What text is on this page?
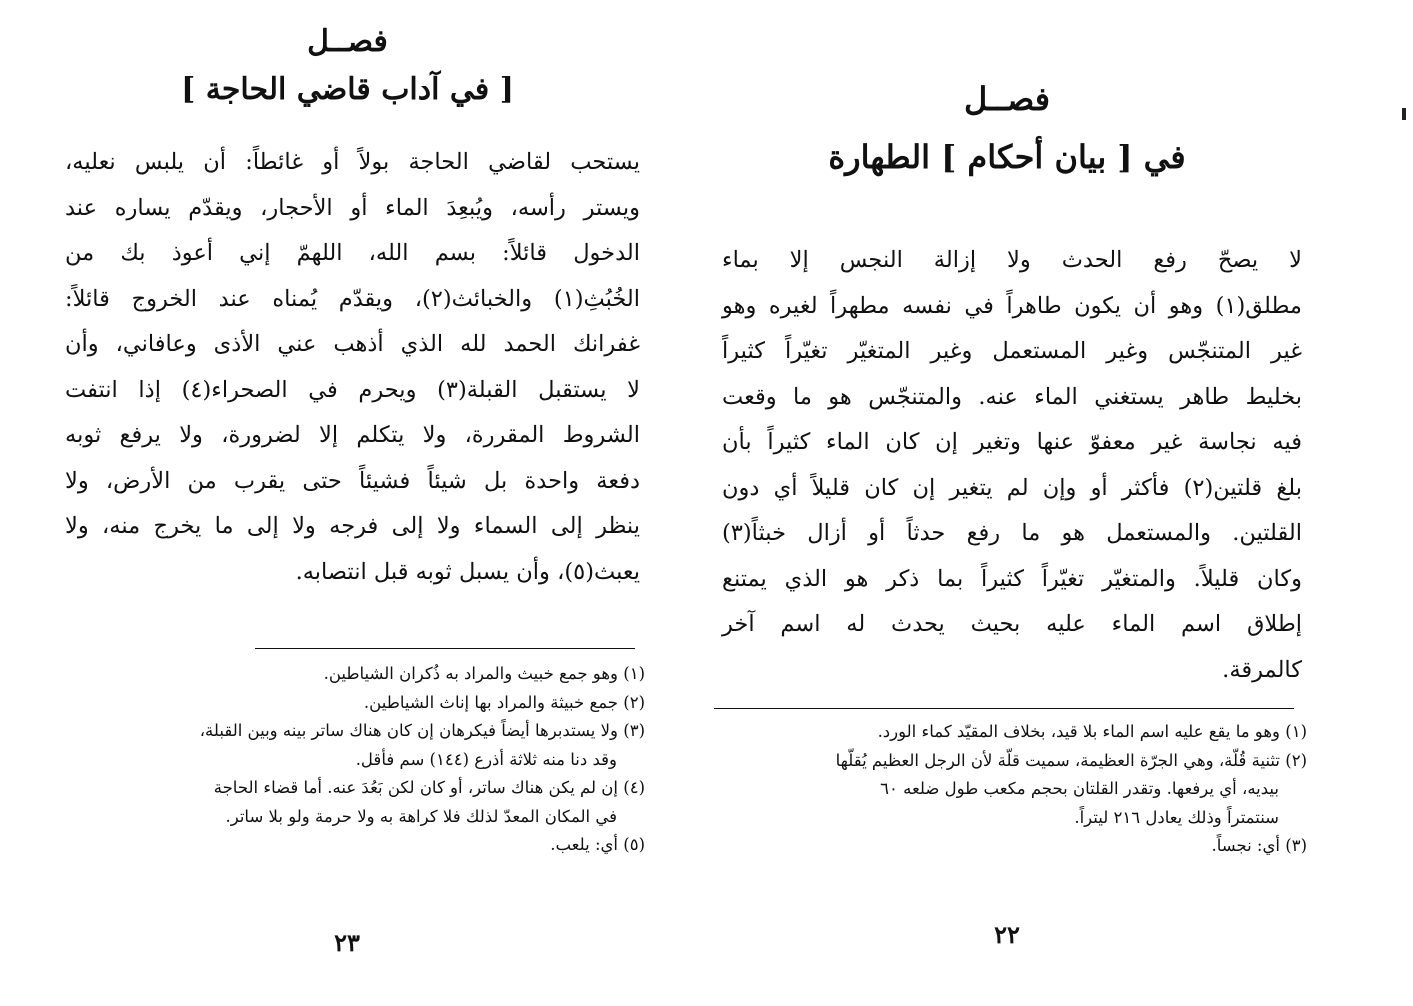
فصــل
[ في آداب قاضي الحاجة ]
يستحب لقاضي الحاجة بولاً أو غائطاً: أن يلبس نعليه،
ويستر رأسه، ويُبعِدَ الماء أو الأحجار، ويقدّم يساره عند
الدخول قائلاً: بسم الله، اللهمّ إني أعوذ بك من
الخُبُثِ(١) والخبائث(٢)، ويقدّم يُمناه عند الخروج قائلاً:
غفرانك الحمد لله الذي أذهب عني الأذى وعافاني، وأن
لا يستقبل القبلة(٣) ويحرم في الصحراء(٤) إذا انتفت
الشروط المقررة، ولا يتكلم إلا لضرورة، ولا يرفع ثوبه
دفعة واحدة بل شيئاً فشيئاً حتى يقرب من الأرض، ولا
ينظر إلى السماء ولا إلى فرجه ولا إلى ما يخرج منه، ولا
يعبث(٥)، وأن يسبل ثوبه قبل انتصابه.
(١) وهو جمع خبيث والمراد به ذُكران الشياطين.
(٢) جمع خبيثة والمراد بها إناث الشياطين.
(٣) ولا يستدبرها أيضاً فيكرهان إن كان هناك ساتر بينه وبين القبلة،
وقد دنا منه ثلاثة أذرع (١٤٤) سم فأقل.
(٤) إن لم يكن هناك ساتر، أو كان لكن بَعُدَ عنه. أما قضاء الحاجة
في المكان المعدّ لذلك فلا كراهة به ولا حرمة ولو بلا ساتر.
(٥) أي: يلعب.
٢٣
فصــل
في [ بيان أحكام ] الطهارة
لا يصحّ رفع الحدث ولا إزالة النجس إلا بماء
مطلق(١) وهو أن يكون طاهراً في نفسه مطهراً لغيره وهو
غير المتنجّس وغير المستعمل وغير المتغيّر تغيّراً كثيراً
بخليط طاهر يستغني الماء عنه. والمتنجّس هو ما وقعت
فيه نجاسة غير معفوّ عنها وتغير إن كان الماء كثيراً بأن
بلغ قلتين(٢) فأكثر أو وإن لم يتغير إن كان قليلاً أي دون
القلتين. والمستعمل هو ما رفع حدثاً أو أزال خبثاً(٣)
وكان قليلاً. والمتغيّر تغيّراً كثيراً بما ذكر هو الذي يمتنع
إطلاق اسم الماء عليه بحيث يحدث له اسم آخر
كالمرقة.
(١) وهو ما يقع عليه اسم الماء بلا قيد، بخلاف المقيّد كماء الورد.
(٢) تثنية قُلّة، وهي الجرّة العظيمة، سميت قلّة لأن الرجل العظيم يُقلّها
بيديه، أي يرفعها. وتقدر القلتان بحجم مكعب طول ضلعه ٦٠
سنتمتراً وذلك يعادل ٢١٦ ليتراً.
(٣) أي: نجساً.
٢٢
